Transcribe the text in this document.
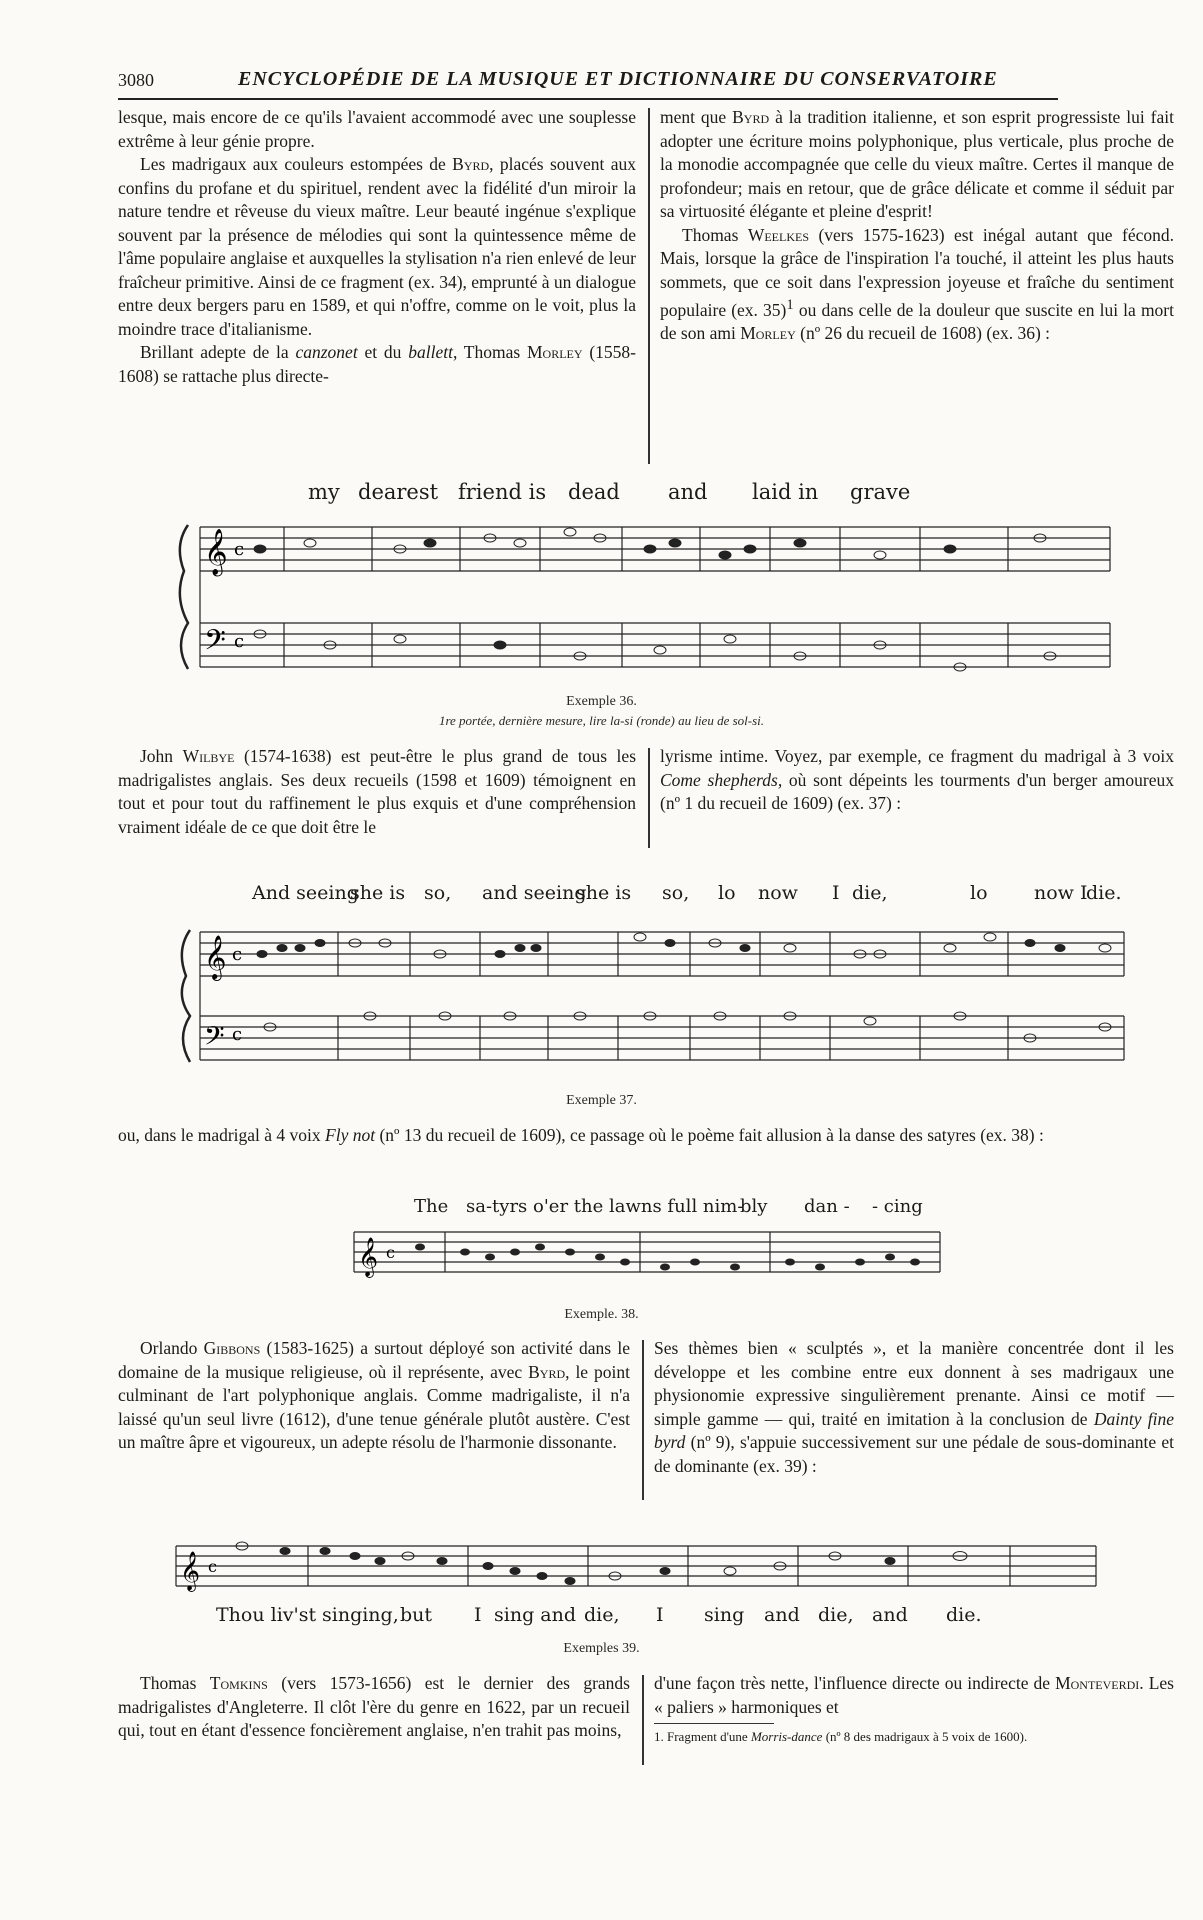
3080	ENCYCLOPÉDIE DE LA MUSIQUE ET DICTIONNAIRE DU CONSERVATOIRE

lesque, mais encore de ce qu'ils l'avaient accommodé avec une souplesse extrême à leur génie propre.

Les madrigaux aux couleurs estompées de Byrd, placés souvent aux confins du profane et du spirituel, rendent avec la fidélité d'un miroir la nature tendre et rêveuse du vieux maître. Leur beauté ingénue s'explique souvent par la présence de mélodies qui sont la quintessence même de l'âme populaire anglaise et auxquelles la stylisation n'a rien enlevé de leur fraîcheur primitive. Ainsi de ce fragment (ex. 34), emprunté à un dialogue entre deux bergers paru en 1589, et qui n'offre, comme on le voit, plus la moindre trace d'italianisme.

Brillant adepte de la canzonet et du ballett, Thomas Morley (1558-1608) se rattache plus directe-

ment que Byrd à la tradition italienne, et son esprit progressiste lui fait adopter une écriture moins polyphonique, plus verticale, plus proche de la monodie accompagnée que celle du vieux maître. Certes il manque de profondeur; mais en retour, que de grâce délicate et comme il séduit par sa virtuosité élégante et pleine d'esprit!

Thomas Weelkes (vers 1575-1623) est inégal autant que fécond. Mais, lorsque la grâce de l'inspiration l'a touché, il atteint les plus hauts sommets, que ce soit dans l'expression joyeuse et fraîche du sentiment populaire (ex. 35)$^1$ ou dans celle de la douleur que suscite en lui la mort de son ami Morley (nº 26 du recueil de 1608) (ex. 36) :

my dearest friend is dead and laid in grave
𝄞
𝄢
c
c
Exemple 36.
1re portée, dernière mesure, lire la-si (ronde) au lieu de sol-si.

John Wilbye (1574-1638) est peut-être le plus grand de tous les madrigalistes anglais. Ses deux recueils (1598 et 1609) témoignent en tout et pour tout du raffinement le plus exquis et d'une compréhension vraiment idéale de ce que doit être le

lyrisme intime. Voyez, par exemple, ce fragment du madrigal à 3 voix Come shepherds, où sont dépeints les tourments d'un berger amoureux (nº 1 du recueil de 1609) (ex. 37) :

And seeing
she is so, and seeing
she is so, lo now I die,	lo now I
die.
𝄞
𝄢
c
c
Exemple 37.

ou, dans le madrigal à 4 voix Fly not (nº 13 du recueil de 1609), ce passage où le poème fait allusion à la danse des satyres (ex. 38) :

The sa-tyrs o'er the lawns full nim-
bly dan - - cing
𝄞 c
Exemple. 38.

Orlando Gibbons (1583-1625) a surtout déployé son activité dans le domaine de la musique religieuse, où il représente, avec Byrd, le point culminant de l'art polyphonique anglais. Comme madrigaliste, il n'a laissé qu'un seul livre (1612), d'une tenue générale plutôt austère. C'est un maître âpre et vigoureux, un adepte résolu de l'harmonie dissonante.

Ses thèmes bien « sculptés », et la manière concentrée dont il les développe et les combine entre eux donnent à ses madrigaux une physionomie expressive singulièrement prenante. Ainsi ce motif — simple gamme — qui, traité en imitation à la conclusion de Dainty fine byrd (nº 9), s'appuie successivement sur une pédale de sous-dominante et de dominante (ex. 39) :

𝄞 c
Thou liv'st singing, but I sing and die, I sing and die, and die.
Exemples 39.

Thomas Tomkins (vers 1573-1656) est le dernier des grands madrigalistes d'Angleterre. Il clôt l'ère du genre en 1622, par un recueil qui, tout en étant d'essence foncièrement anglaise, n'en trahit pas moins,

d'une façon très nette, l'influence directe ou indirecte de Monteverdi. Les « paliers » harmoniques et

1. Fragment d'une Morris-dance (nº 8 des madrigaux à 5 voix de 1600).
